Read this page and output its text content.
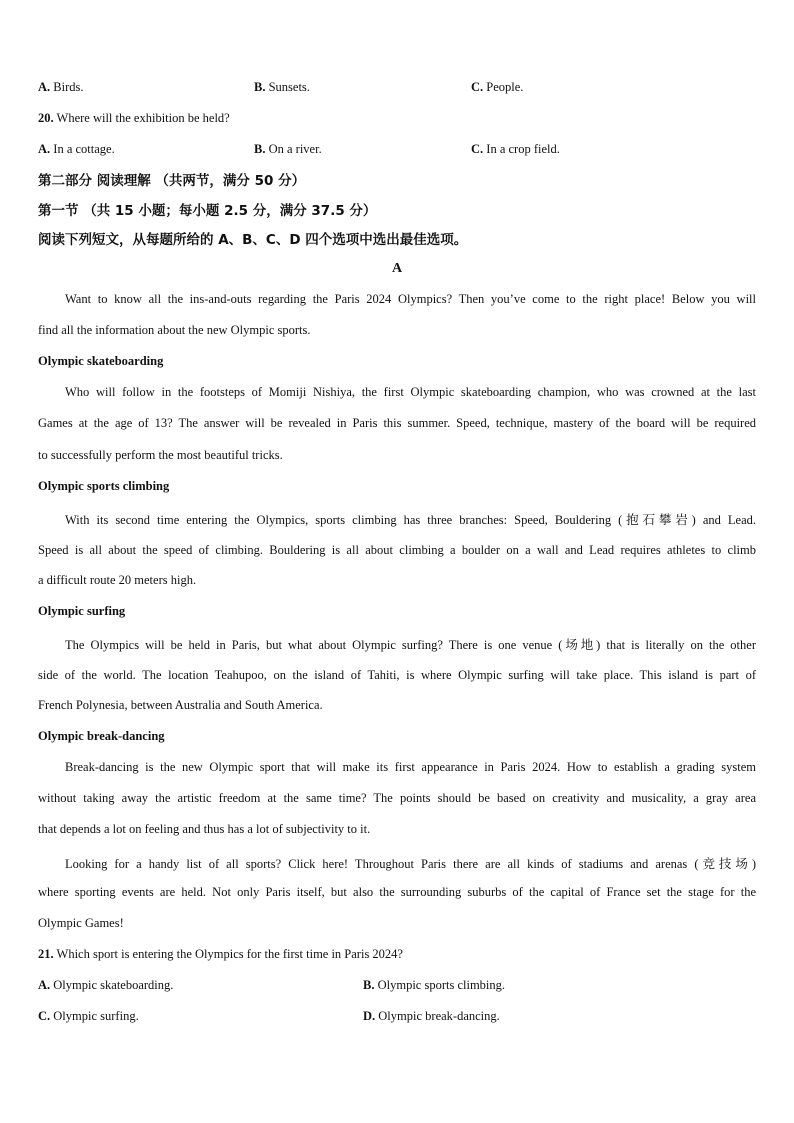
A. Birds.	B. Sunsets.	C. People.
20. Where will the exhibition be held?
A. In a cottage.	B. On a river.	C. In a crop field.
第二部分 阅读理解 （共两节，满分 50 分）
第一节 （共 15 小题；每小题 2.5 分，满分 37.5 分）
阅读下列短文，从每题所给的 A、B、C、D 四个选项中选出最佳选项。
A
Want to know all the ins-and-outs regarding the Paris 2024 Olympics? Then you’ve come to the right place! Below you will
find all the information about the new Olympic sports.
Olympic skateboarding
Who will follow in the footsteps of Momiji Nishiya, the first Olympic skateboarding champion, who was crowned at the last
Games at the age of 13? The answer will be revealed in Paris this summer. Speed, technique, mastery of the board will be required
to successfully perform the most beautiful tricks.
Olympic sports climbing
With its second time entering the Olympics, sports climbing has three branches: Speed, Bouldering (抱石攀岩) and Lead.
Speed is all about the speed of climbing. Bouldering is all about climbing a boulder on a wall and Lead requires athletes to climb
a difficult route 20 meters high.
Olympic surfing
The Olympics will be held in Paris, but what about Olympic surfing? There is one venue (场地) that is literally on the other
side of the world. The location Teahupoo, on the island of Tahiti, is where Olympic surfing will take place. This island is part of
French Polynesia, between Australia and South America.
Olympic break-dancing
Break-dancing is the new Olympic sport that will make its first appearance in Paris 2024. How to establish a grading system
without taking away the artistic freedom at the same time? The points should be based on creativity and musicality, a gray area
that depends a lot on feeling and thus has a lot of subjectivity to it.
Looking for a handy list of all sports? Click here! Throughout Paris there are all kinds of stadiums and arenas (竞技场)
where sporting events are held. Not only Paris itself, but also the surrounding suburbs of the capital of France set the stage for the
Olympic Games!
21. Which sport is entering the Olympics for the first time in Paris 2024?
A. Olympic skateboarding.	B. Olympic sports climbing.
C. Olympic surfing.	D. Olympic break-dancing.
